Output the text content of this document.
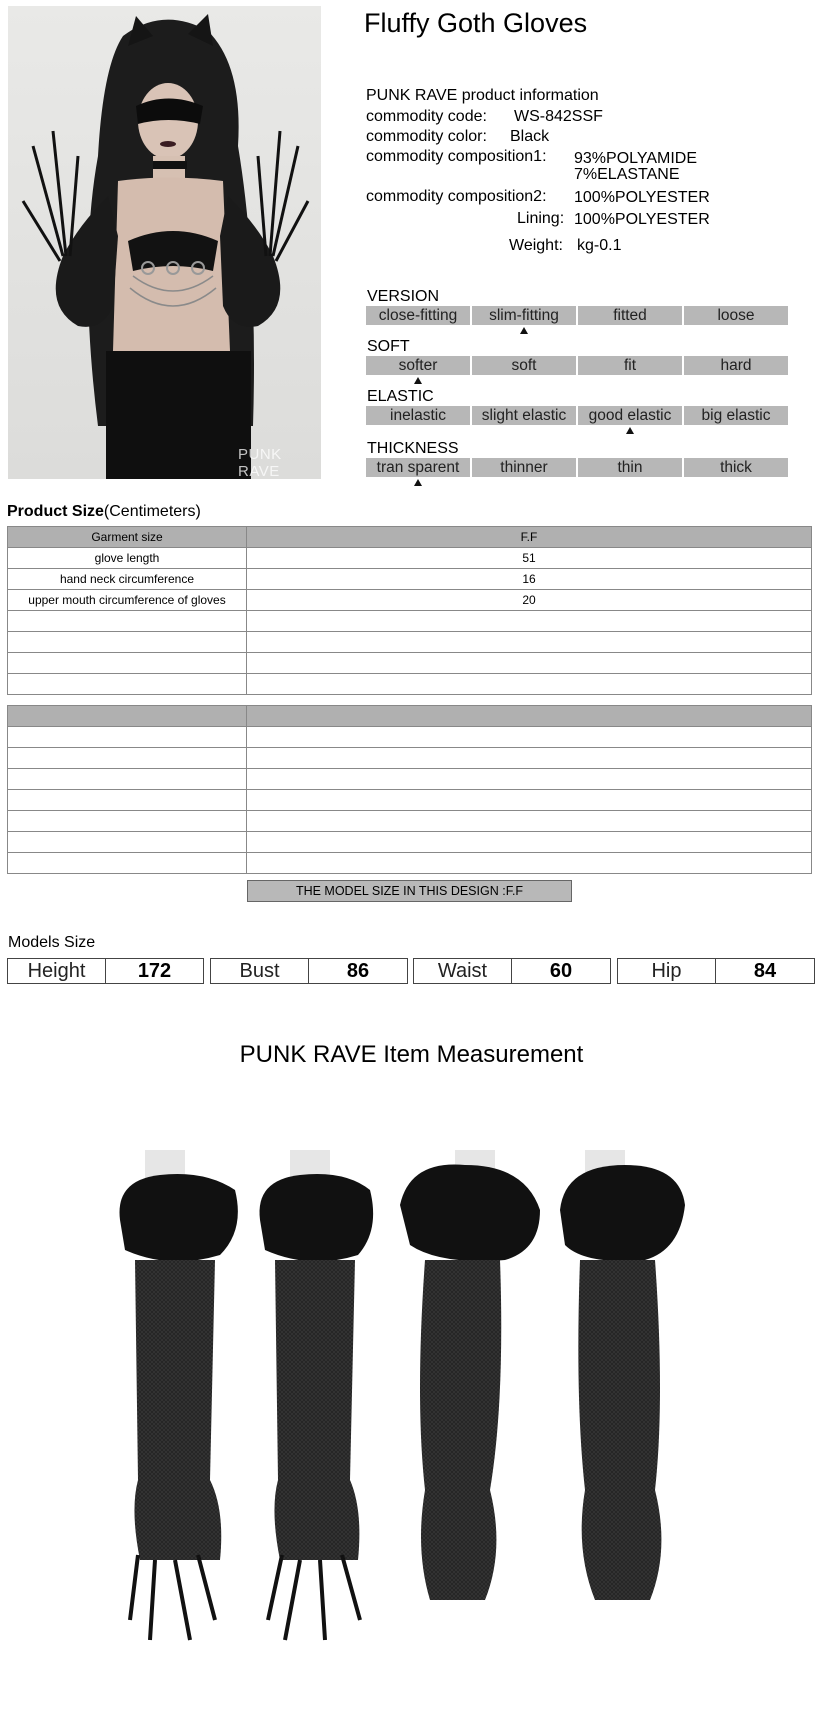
PUNK RAVE
Fluffy Goth Gloves
PUNK RAVE product information
commodity code: WS-842SSF
commodity color: Black
commodity composition1: 93%POLYAMIDE
7%ELASTANE
commodity composition2: 100%POLYESTER
Lining: 100%POLYESTER
Weight: kg-0.1
VERSION
close-fitting	slim-fitting	fitted	loose
SOFT
softer	soft	fit	hard
ELASTIC
inelastic	slight elastic	good elastic	big elastic
THICKNESS
tran sparent	thinner	thin	thick
Product Size(Centimeters)
Garment size	F.F
glove length	51
hand neck circumference	16
upper mouth circumference of gloves	20

THE MODEL SIZE IN THIS DESIGN :F.F
Models Size
Height	172	Bust	86	Waist	60	Hip	84
PUNK RAVE Item Measurement
